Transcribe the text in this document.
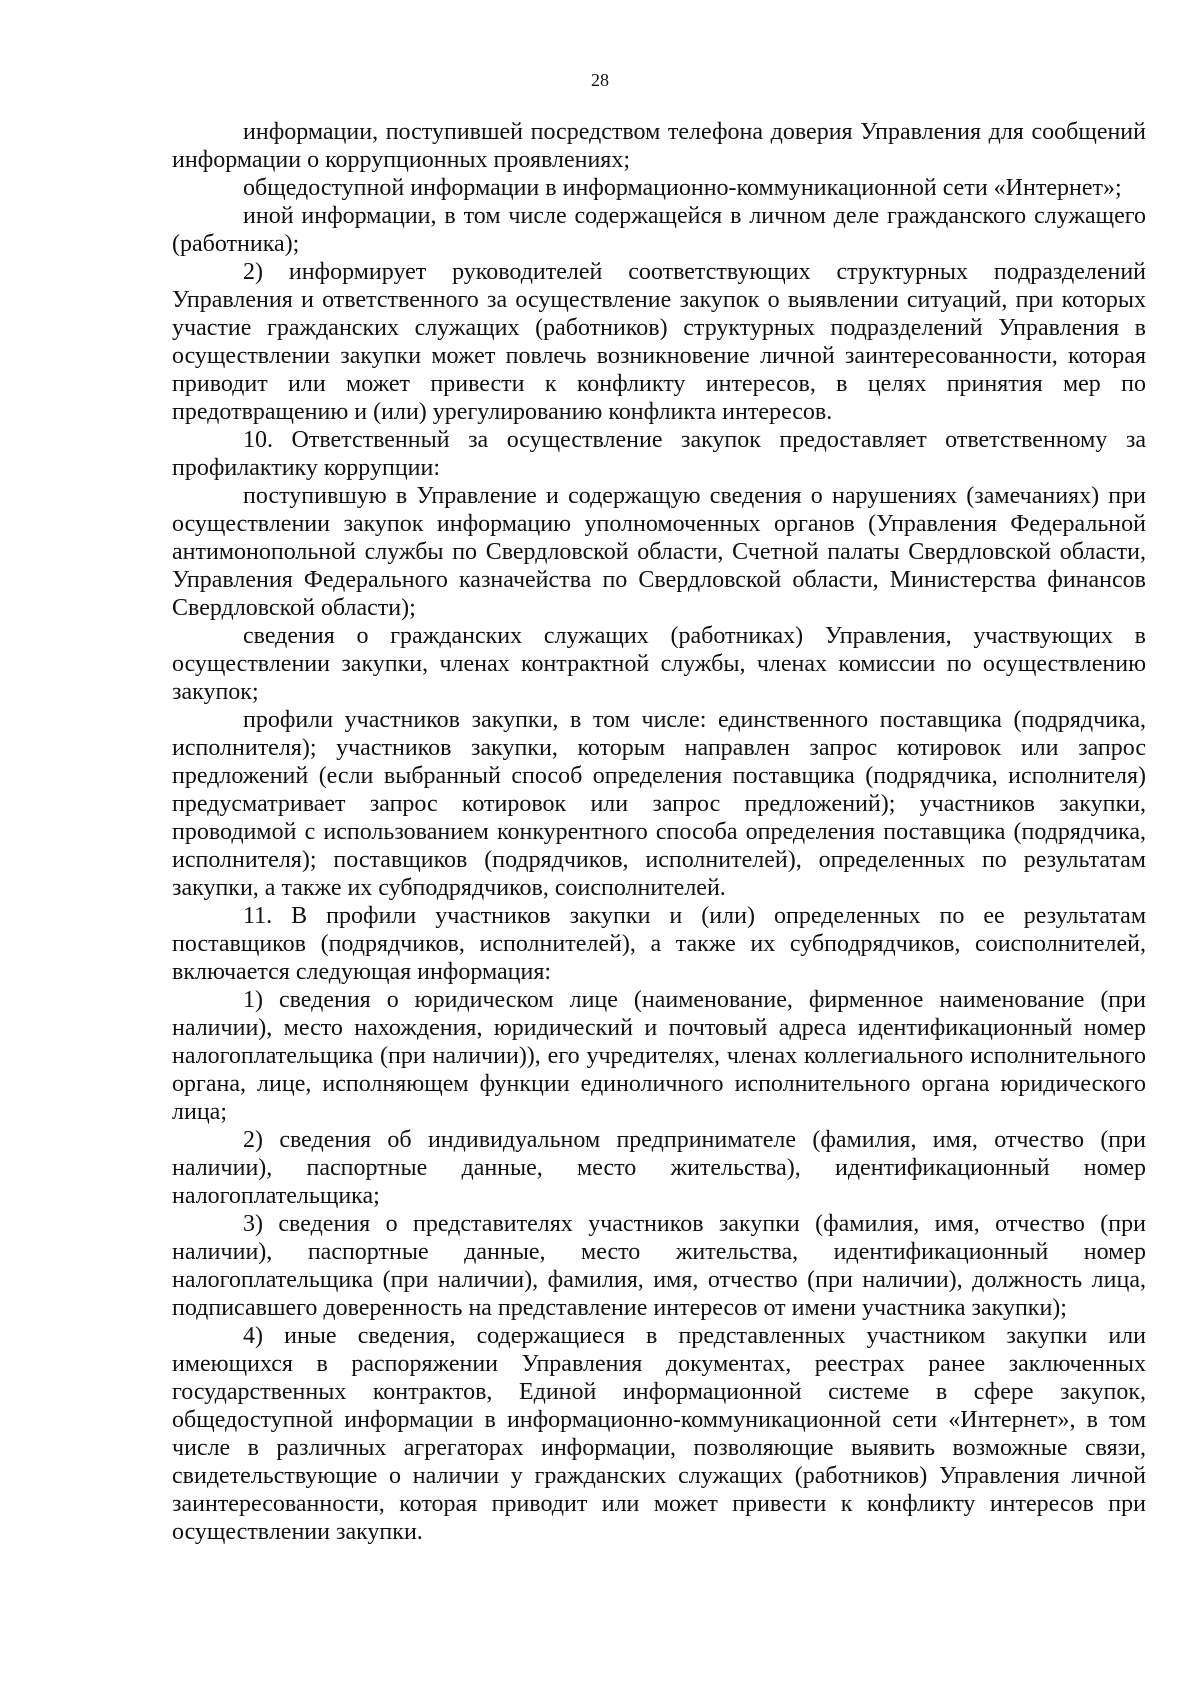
28

информации, поступившей посредством телефона доверия Управления для сообщений информации о коррупционных проявлениях;

общедоступной информации в информационно-коммуникационной сети «Интернет»;

иной информации, в том числе содержащейся в личном деле гражданского служащего (работника);

2) информирует руководителей соответствующих структурных подразделений Управления и ответственного за осуществление закупок о выявлении ситуаций, при которых участие гражданских служащих (работников) структурных подразделений Управления в осуществлении закупки может повлечь возникновение личной заинтересованности, которая приводит или может привести к конфликту интересов, в целях принятия мер по предотвращению и (или) урегулированию конфликта интересов.

10. Ответственный за осуществление закупок предоставляет ответственному за профилактику коррупции:

поступившую в Управление и содержащую сведения о нарушениях (замечаниях) при осуществлении закупок информацию уполномоченных органов (Управления Федеральной антимонопольной службы по Свердловской области, Счетной палаты Свердловской области, Управления Федерального казначейства по Свердловской области, Министерства финансов Свердловской области);

сведения о гражданских служащих (работниках) Управления, участвующих в осуществлении закупки, членах контрактной службы, членах комиссии по осуществлению закупок;

профили участников закупки, в том числе: единственного поставщика (подрядчика, исполнителя); участников закупки, которым направлен запрос котировок или запрос предложений (если выбранный способ определения поставщика (подрядчика, исполнителя) предусматривает запрос котировок или запрос предложений); участников закупки, проводимой с использованием конкурентного способа определения поставщика (подрядчика, исполнителя); поставщиков (подрядчиков, исполнителей), определенных по результатам закупки, а также их субподрядчиков, соисполнителей.

11. В профили участников закупки и (или) определенных по ее результатам поставщиков (подрядчиков, исполнителей), а также их субподрядчиков, соисполнителей, включается следующая информация:

1) сведения о юридическом лице (наименование, фирменное наименование (при наличии), место нахождения, юридический и почтовый адреса идентификационный номер налогоплательщика (при наличии)), его учредителях, членах коллегиального исполнительного органа, лице, исполняющем функции единоличного исполнительного органа юридического лица;

2) сведения об индивидуальном предпринимателе (фамилия, имя, отчество (при наличии), паспортные данные, место жительства), идентификационный номер налогоплательщика;

3) сведения о представителях участников закупки (фамилия, имя, отчество (при наличии), паспортные данные, место жительства, идентификационный номер налогоплательщика (при наличии), фамилия, имя, отчество (при наличии), должность лица, подписавшего доверенность на представление интересов от имени участника закупки);

4) иные сведения, содержащиеся в представленных участником закупки или имеющихся в распоряжении Управления документах, реестрах ранее заключенных государственных контрактов, Единой информационной системе в сфере закупок, общедоступной информации в информационно-коммуникационной сети «Интернет», в том числе в различных агрегаторах информации, позволяющие выявить возможные связи, свидетельствующие о наличии у гражданских служащих (работников) Управления личной заинтересованности, которая приводит или может привести к конфликту интересов при осуществлении закупки.
